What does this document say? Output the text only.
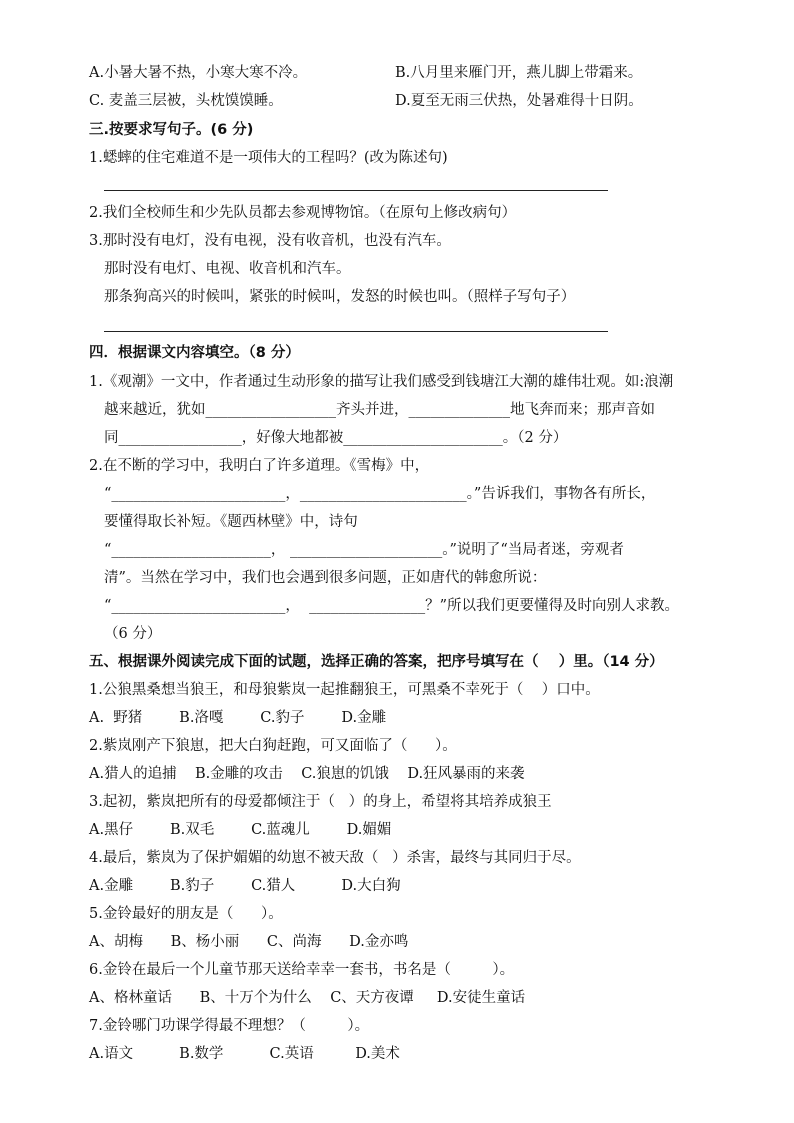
A.小暑大暑不热，小寒大寒不冷。	B.八月里来雁门开，燕儿脚上带霜来。
C. 麦盖三层被，头枕馍馍睡。	D.夏至无雨三伏热，处暑难得十日阴。
三.按要求写句子。(6 分)
1.蟋蟀的住宅难道不是一项伟大的工程吗？(改为陈述句)
2.我们全校师生和少先队员都去参观博物馆。（在原句上修改病句）
3.那时没有电灯，没有电视，没有收音机，也没有汽车。
那时没有电灯、电视、收音机和汽车。
那条狗高兴的时候叫，紧张的时候叫，发怒的时候也叫。（照样子写句子）
四．根据课文内容填空。（8 分）
1.《观潮》一文中，作者通过生动形象的描写让我们感受到钱塘江大潮的雄伟壮观。如:浪潮
越来越近，犹如__________________齐头并进，______________地飞奔而来；那声音如
同_________________，好像大地都被______________________。（2 分）
2.在不断的学习中，我明白了许多道理。《雪梅》中，
“________________________，_______________________。”告诉我们，事物各有所长，
要懂得取长补短。《题西林壁》中，诗句
“______________________， _____________________。”说明了“当局者迷，旁观者
清”。当然在学习中，我们也会遇到很多问题，正如唐代的韩愈所说：
“________________________，  ________________？”所以我们更要懂得及时向别人求教。
（6 分）
五、根据课外阅读完成下面的试题，选择正确的答案，把序号填写在（    ）里。（14 分）
1.公狼黑桑想当狼王，和母狼紫岚一起推翻狼王，可黑桑不幸死于（    ）口中。
A.  野猪        B.洛嘎        C.豹子        D.金雕
2.紫岚刚产下狼崽，把大白狗赶跑，可又面临了（      ）。
A.猎人的追捕    B.金雕的攻击    C.狼崽的饥饿    D.狂风暴雨的来袭
3.起初，紫岚把所有的母爱都倾注于（   ）的身上，希望将其培养成狼王
A.黑仔        B.双毛        C.蓝魂儿        D.媚媚
4.最后，紫岚为了保护媚媚的幼崽不被天敌（   ）杀害，最终与其同归于尽。
A.金雕        B.豹子        C.猎人          D.大白狗
5.金铃最好的朋友是（      ）。
A、胡梅      B、杨小丽      C、尚海      D.金亦鸣
6.金铃在最后一个儿童节那天送给幸幸一套书，书名是（         ）。
A、格林童话      B、十万个为什么    C、天方夜谭     D.安徒生童话
7.金铃哪门功课学得最不理想？（         ）。
A.语文          B.数学          C.英语         D.美术
